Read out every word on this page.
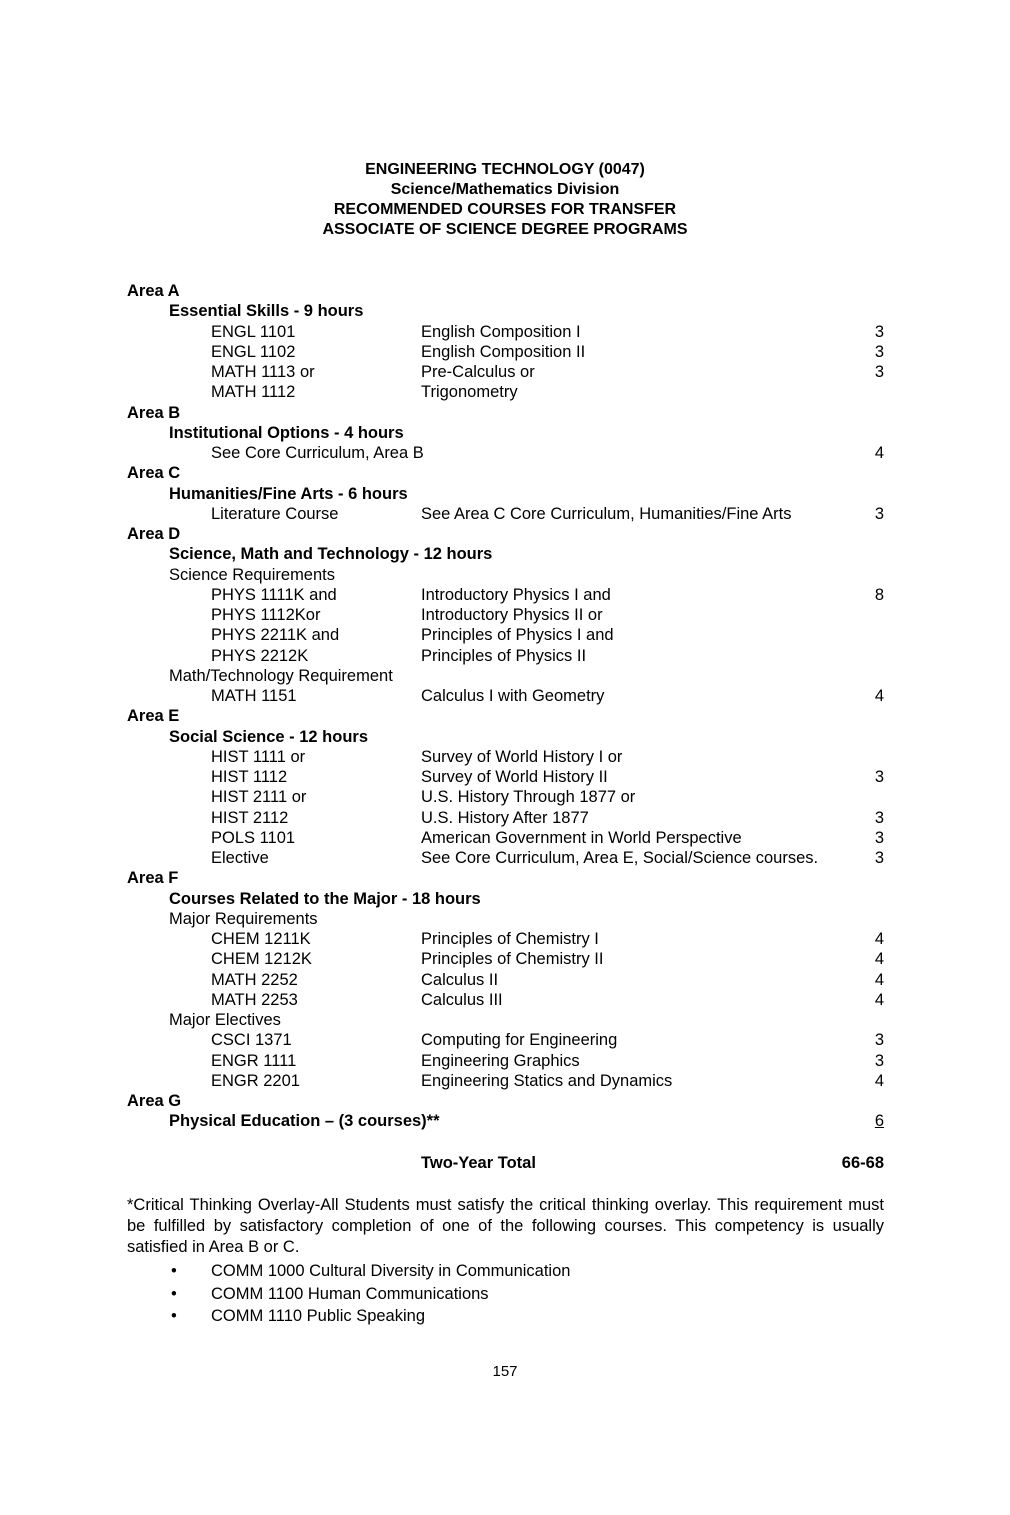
ENGINEERING TECHNOLOGY (0047)
Science/Mathematics Division
RECOMMENDED COURSES FOR TRANSFER
ASSOCIATE OF SCIENCE DEGREE PROGRAMS
Area A
Essential Skills - 9 hours
ENGL 1101	English Composition I	3
ENGL 1102	English Composition II	3
MATH 1113 or	Pre-Calculus or	3
MATH 1112	Trigonometry
Area B
Institutional Options - 4 hours
See Core Curriculum, Area B	4
Area C
Humanities/Fine Arts - 6 hours
Literature Course	See Area C Core Curriculum, Humanities/Fine Arts	3
Area D
Science, Math and Technology - 12 hours
Science Requirements
PHYS 1111K and	Introductory Physics I and	8
PHYS 1112Kor	Introductory Physics II or
PHYS 2211K and	Principles of Physics I and
PHYS 2212K	Principles of Physics II
Math/Technology Requirement
MATH 1151	Calculus I with Geometry	4
Area E
Social Science - 12 hours
HIST 1111 or	Survey of World History I or
HIST 1112	Survey of World History II	3
HIST 2111 or	U.S. History Through 1877 or
HIST 2112	U.S. History After 1877	3
POLS 1101	American Government in World Perspective	3
Elective	See Core Curriculum, Area E, Social/Science courses.	3
Area F
Courses Related to the Major - 18 hours
Major Requirements
CHEM 1211K	Principles of Chemistry I	4
CHEM 1212K	Principles of Chemistry II	4
MATH 2252	Calculus II	4
MATH 2253	Calculus III	4
Major Electives
CSCI 1371	Computing for Engineering	3
ENGR 1111	Engineering Graphics	3
ENGR 2201	Engineering Statics and Dynamics	4
Area G
Physical Education – (3 courses)**	6
Two-Year Total	66-68
*Critical Thinking Overlay-All Students must satisfy the critical thinking overlay. This requirement must be fulfilled by satisfactory completion of one of the following courses. This competency is usually satisfied in Area B or C.
• COMM 1000 Cultural Diversity in Communication
• COMM 1100 Human Communications
• COMM 1110 Public Speaking
157
